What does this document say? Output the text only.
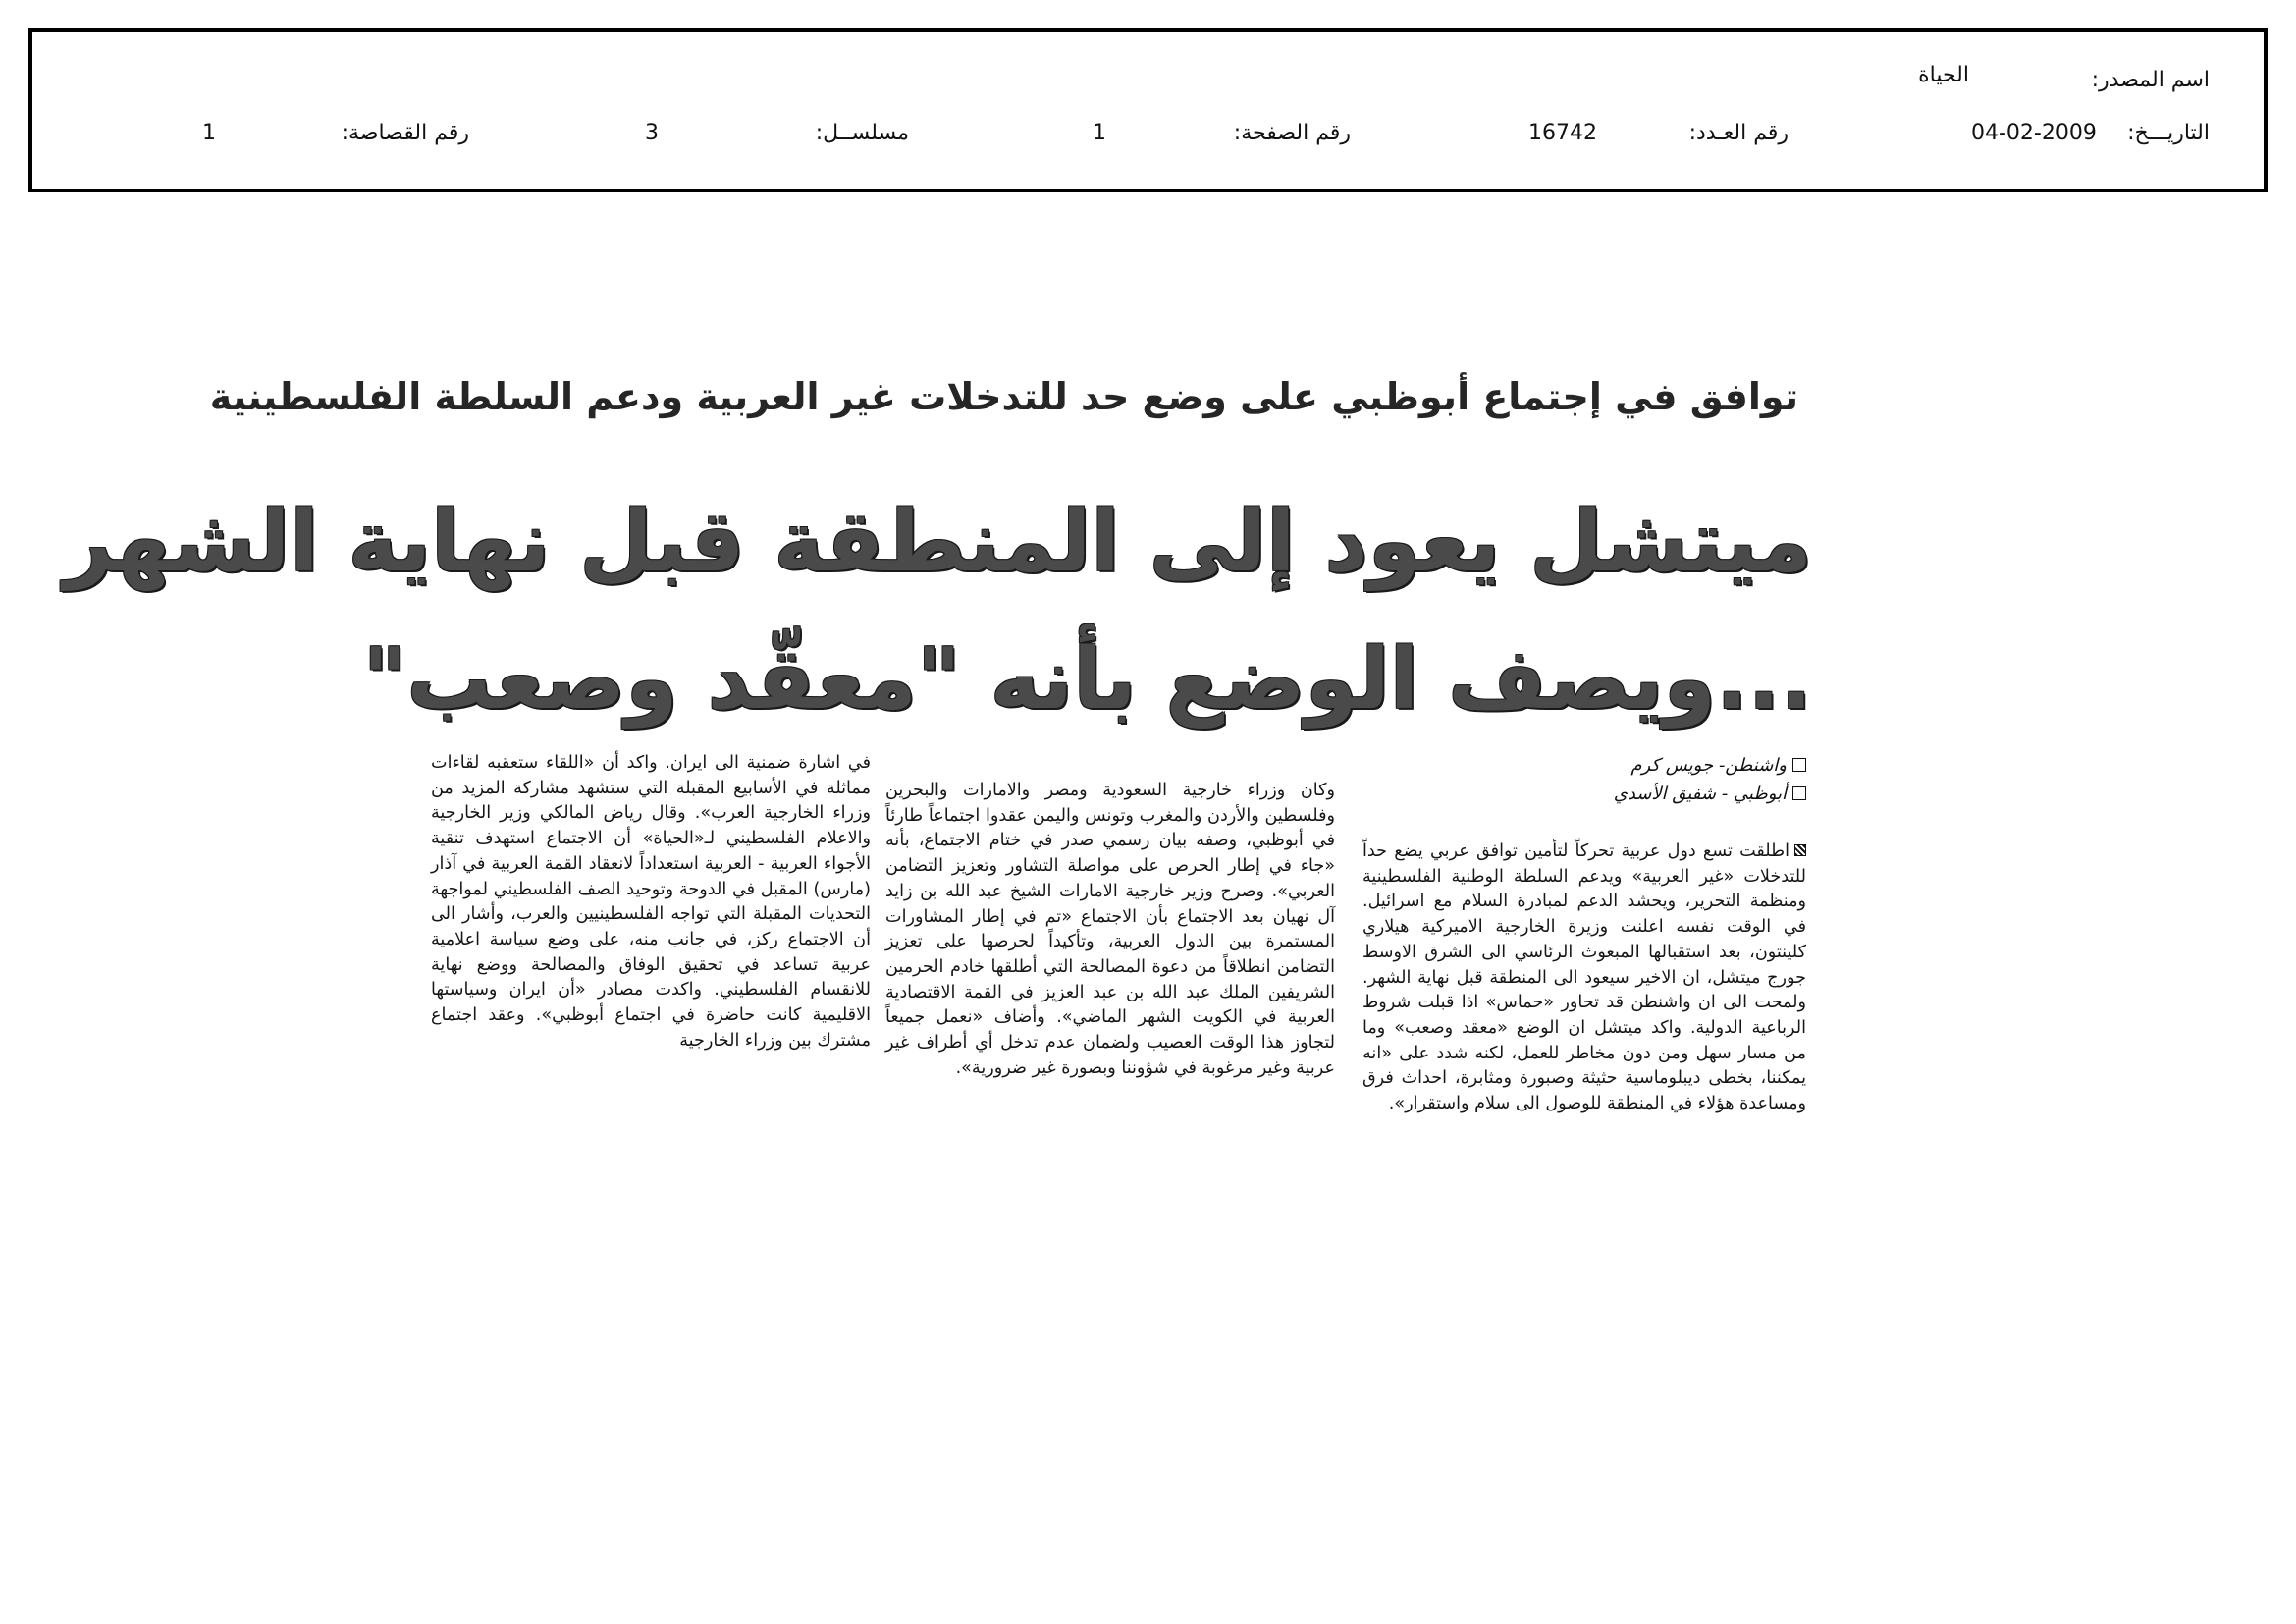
اسم المصدر:
الحياة
التاريـــخ:
04-02-2009
رقم العـدد:
16742
رقم الصفحة:
1
مسلســل:
3
رقم القصاصة:
1
توافق في إجتماع أبوظبي على وضع حد للتدخلات غير العربية ودعم السلطة الفلسطينية
ميتشل يعود إلى المنطقة قبل نهاية الشهر
...ويصف الوضع بأنه "معقّد وصعب"
واشنطن- جويس كرم
أبوظبي - شفيق الأسدي

اطلقت تسع دول عربية تحركاً لتأمين توافق عربي يضع حداً للتدخلات «غير العربية» ويدعم السلطة الوطنية الفلسطينية ومنظمة التحرير، ويحشد الدعم لمبادرة السلام مع اسرائيل. في الوقت نفسه اعلنت وزيرة الخارجية الاميركية هيلاري كلينتون، بعد استقبالها المبعوث الرئاسي الى الشرق الاوسط جورج ميتشل، ان الاخير سيعود الى المنطقة قبل نهاية الشهر. ولمحت الى ان واشنطن قد تحاور «حماس» اذا قبلت شروط الرباعية الدولية. واكد ميتشل ان الوضع «معقد وصعب» وما من مسار سهل ومن دون مخاطر للعمل، لكنه شدد على «انه يمكننا، بخطى ديبلوماسية حثيثة وصبورة ومثابرة، احداث فرق ومساعدة هؤلاء في المنطقة للوصول الى سلام واستقرار».

وكان وزراء خارجية السعودية ومصر والامارات والبحرين وفلسطين والأردن والمغرب وتونس واليمن عقدوا اجتماعاً طارئاً في أبوظبي، وصفه بيان رسمي صدر في ختام الاجتماع، بأنه «جاء في إطار الحرص على مواصلة التشاور وتعزيز التضامن العربي». وصرح وزير خارجية الامارات الشيخ عبد الله بن زايد آل نهيان بعد الاجتماع بأن الاجتماع «تم في إطار المشاورات المستمرة بين الدول العربية، وتأكيداً لحرصها على تعزيز التضامن انطلاقاً من دعوة المصالحة التي أطلقها خادم الحرمين الشريفين الملك عبد الله بن عبد العزيز في القمة الاقتصادية العربية في الكويت الشهر الماضي». وأضاف «نعمل جميعاً لتجاوز هذا الوقت العصيب ولضمان عدم تدخل أي أطراف غير عربية وغير مرغوبة في شؤوننا وبصورة غير ضرورية».

في اشارة ضمنية الى ايران. واكد أن «اللقاء ستعقبه لقاءات مماثلة في الأسابيع المقبلة التي ستشهد مشاركة المزيد من وزراء الخارجية العرب». وقال رياض المالكي وزير الخارجية والاعلام الفلسطيني لـ«الحياة» أن الاجتماع استهدف تنقية الأجواء العربية - العربية استعداداً لانعقاد القمة العربية في آذار (مارس) المقبل في الدوحة وتوحيد الصف الفلسطيني لمواجهة التحديات المقبلة التي تواجه الفلسطينيين والعرب، وأشار الى أن الاجتماع ركز، في جانب منه، على وضع سياسة اعلامية عربية تساعد في تحقيق الوفاق والمصالحة ووضع نهاية للانقسام الفلسطيني. واكدت مصادر «أن ايران وسياستها الاقليمية كانت حاضرة في اجتماع أبوظبي». وعقد اجتماع مشترك بين وزراء الخارجية
